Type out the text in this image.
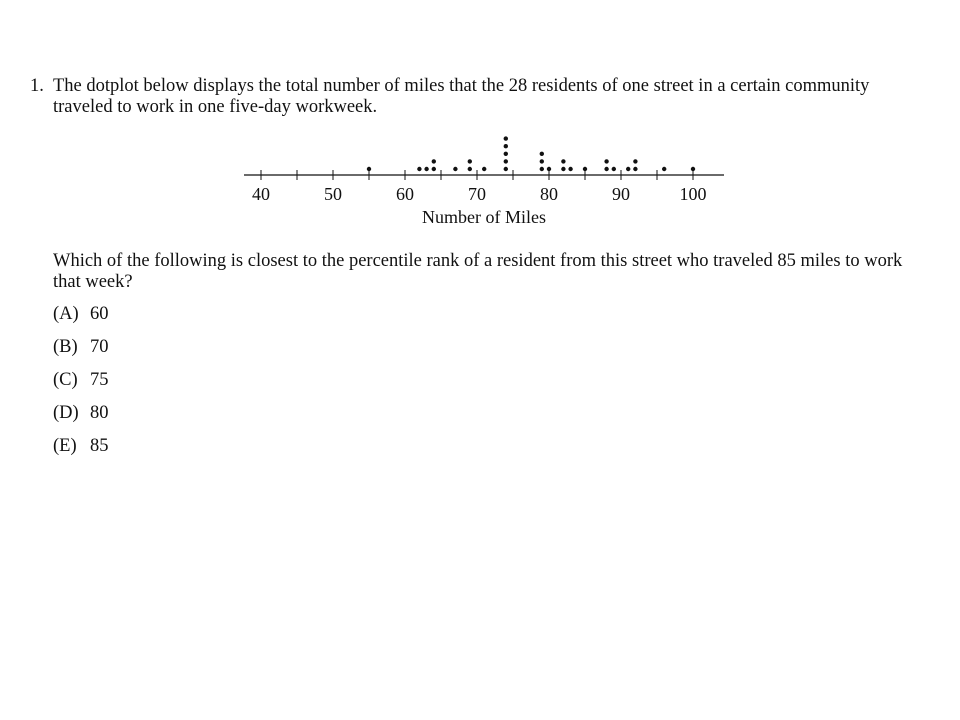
1. The dotplot below displays the total number of miles that the 28 residents of one street in a certain community traveled to work in one five-day workweek.
40	50	60	70	80	90	100
Number of Miles
Which of the following is closest to the percentile rank of a resident from this street who traveled 85 miles to work that week?
(A) 60
(B) 70
(C) 75
(D) 80
(E) 85
